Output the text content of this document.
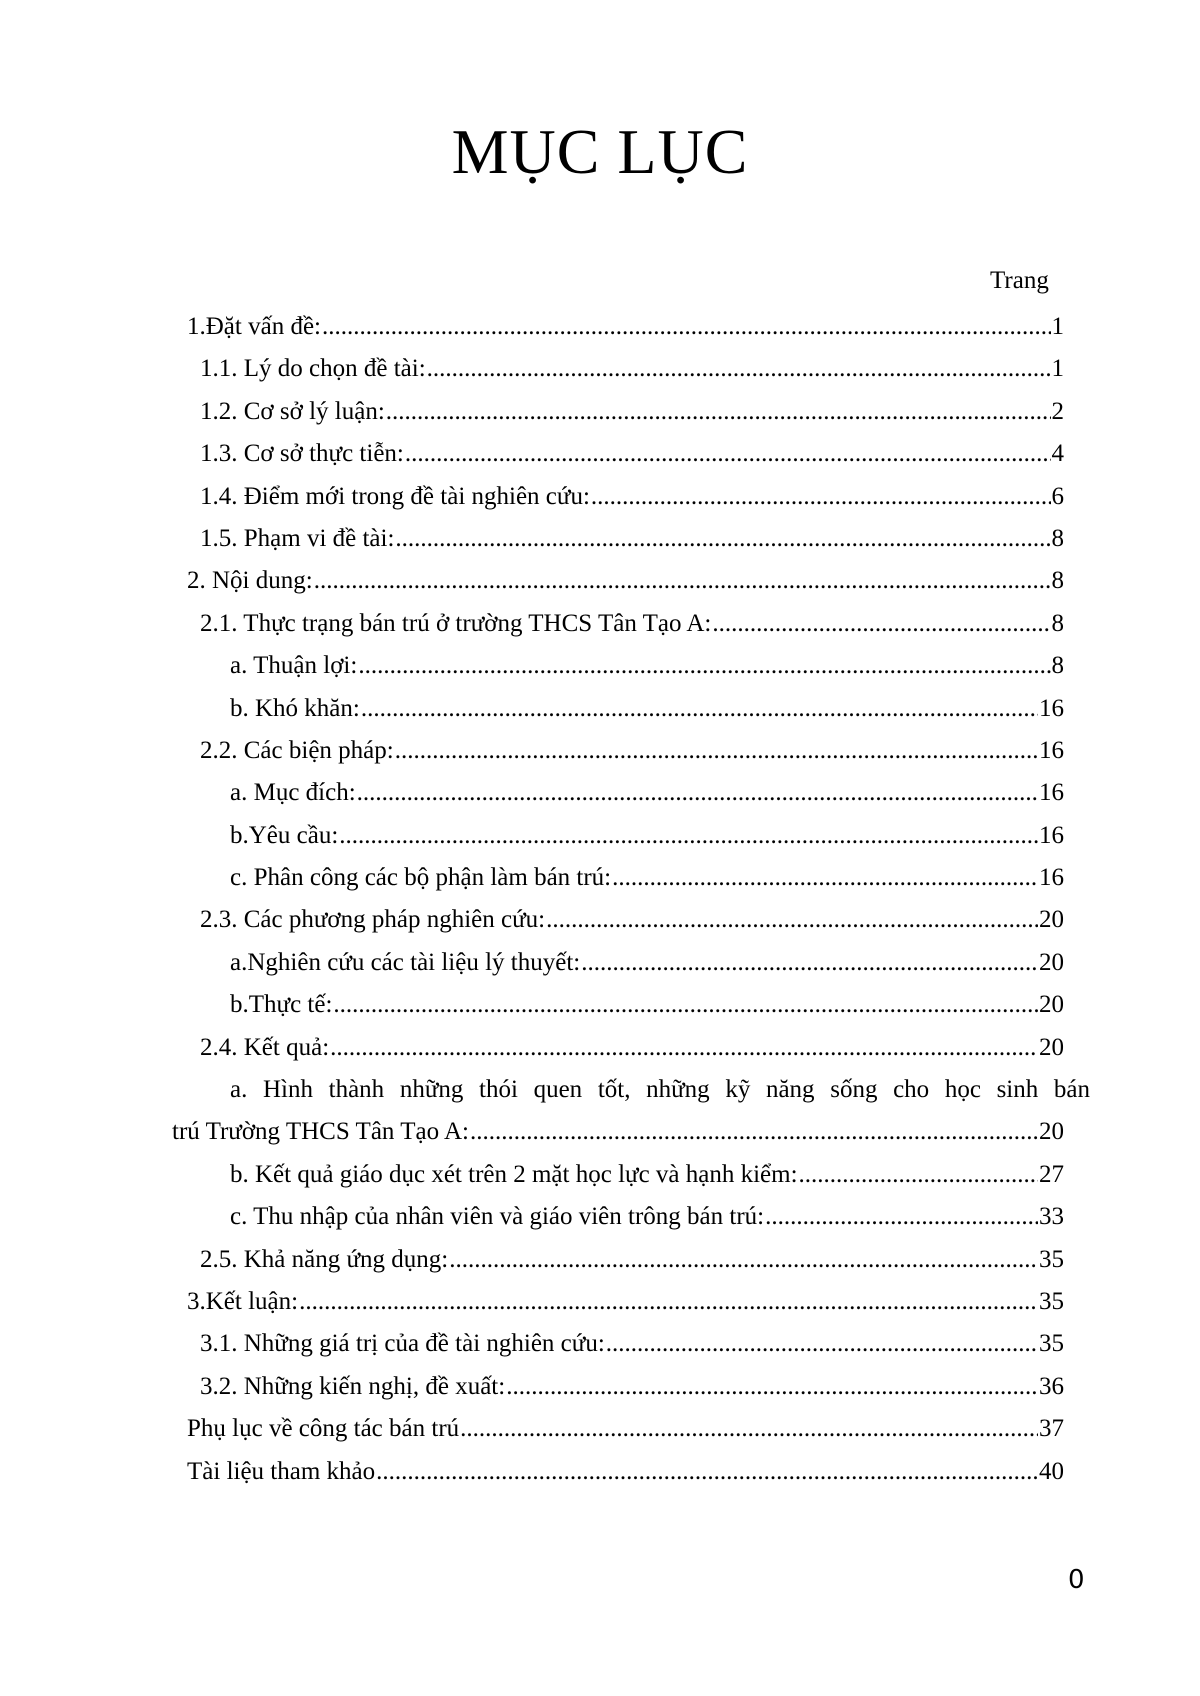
MỤC LỤC
Trang
1.Đặt vấn đề: .....	1
1.1. Lý do chọn đề tài: .....	1
1.2. Cơ sở lý luận: .....	2
1.3. Cơ sở thực tiễn: .....	4
1.4. Điểm mới trong đề tài nghiên cứu: .....	6
1.5. Phạm vi đề tài: .....	8
2. Nội dung: .....	8
2.1. Thực trạng bán trú ở trường THCS Tân Tạo A: .....	8
a. Thuận lợi: .....	8
b. Khó khăn: .....	16
2.2. Các biện pháp: .....	16
a. Mục đích: .....	16
b.Yêu cầu: .....	16
c. Phân công các bộ phận làm bán trú: .....	16
2.3. Các phương pháp nghiên cứu: .....	20
a.Nghiên cứu các tài liệu lý thuyết: .....	20
b.Thực tế: .....	20
2.4. Kết quả: .....	20
a. Hình thành những thói quen tốt, những kỹ năng sống cho học sinh bán
trú Trường THCS Tân Tạo A: .....	20
b. Kết quả giáo dục xét trên 2 mặt học lực và hạnh kiểm: .....	27
c. Thu nhập của nhân viên và giáo viên trông bán trú: .....	33
2.5. Khả năng ứng dụng: .....	35
3.Kết luận: .....	35
3.1. Những giá trị của đề tài nghiên cứu: .....	35
3.2. Những kiến nghị, đề xuất: .....	36
Phụ lục về công tác bán trú .....	37
Tài liệu tham khảo .....	40
0
